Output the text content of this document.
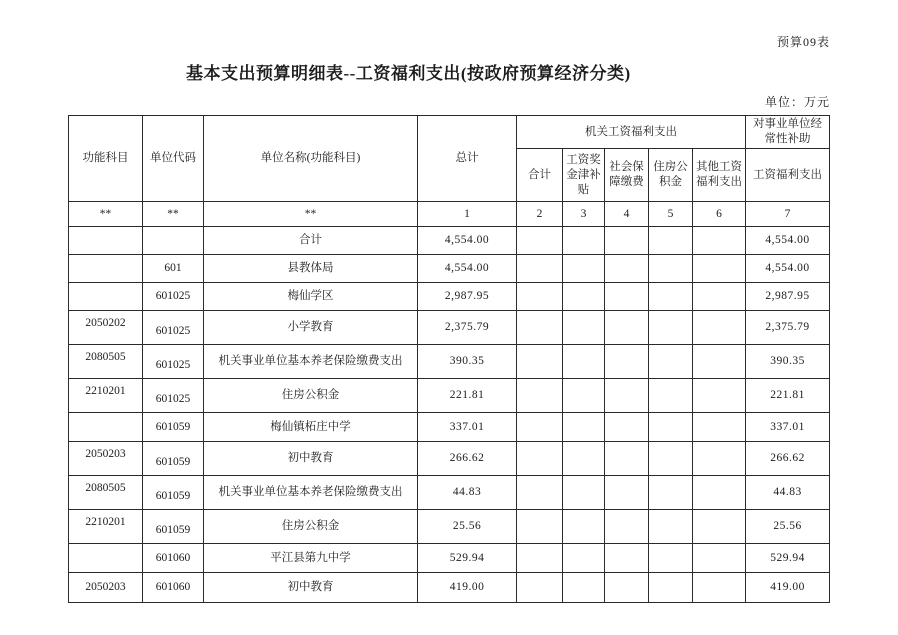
预算09表
基本支出预算明细表--工资福利支出(按政府预算经济分类)
单位：万元
功能科目	单位代码	单位名称(功能科目)	总计	机关工资福利支出					对事业单位经常性补助
				合计	工资奖金津补贴	社会保障缴费	住房公积金	其他工资福利支出	工资福利支出
**	**	**	1	2	3	4	5	6	7
		合计	4,554.00						4,554.00
	601	县教体局	4,554.00						4,554.00
	601025	梅仙学区	2,987.95						2,987.95
2050202	601025	小学教育	2,375.79						2,375.79
2080505	601025	机关事业单位基本养老保险缴费支出	390.35						390.35
2210201	601025	住房公积金	221.81						221.81
	601059	梅仙镇柘庄中学	337.01						337.01
2050203	601059	初中教育	266.62						266.62
2080505	601059	机关事业单位基本养老保险缴费支出	44.83						44.83
2210201	601059	住房公积金	25.56						25.56
	601060	平江县第九中学	529.94						529.94
2050203	601060	初中教育	419.00						419.00
